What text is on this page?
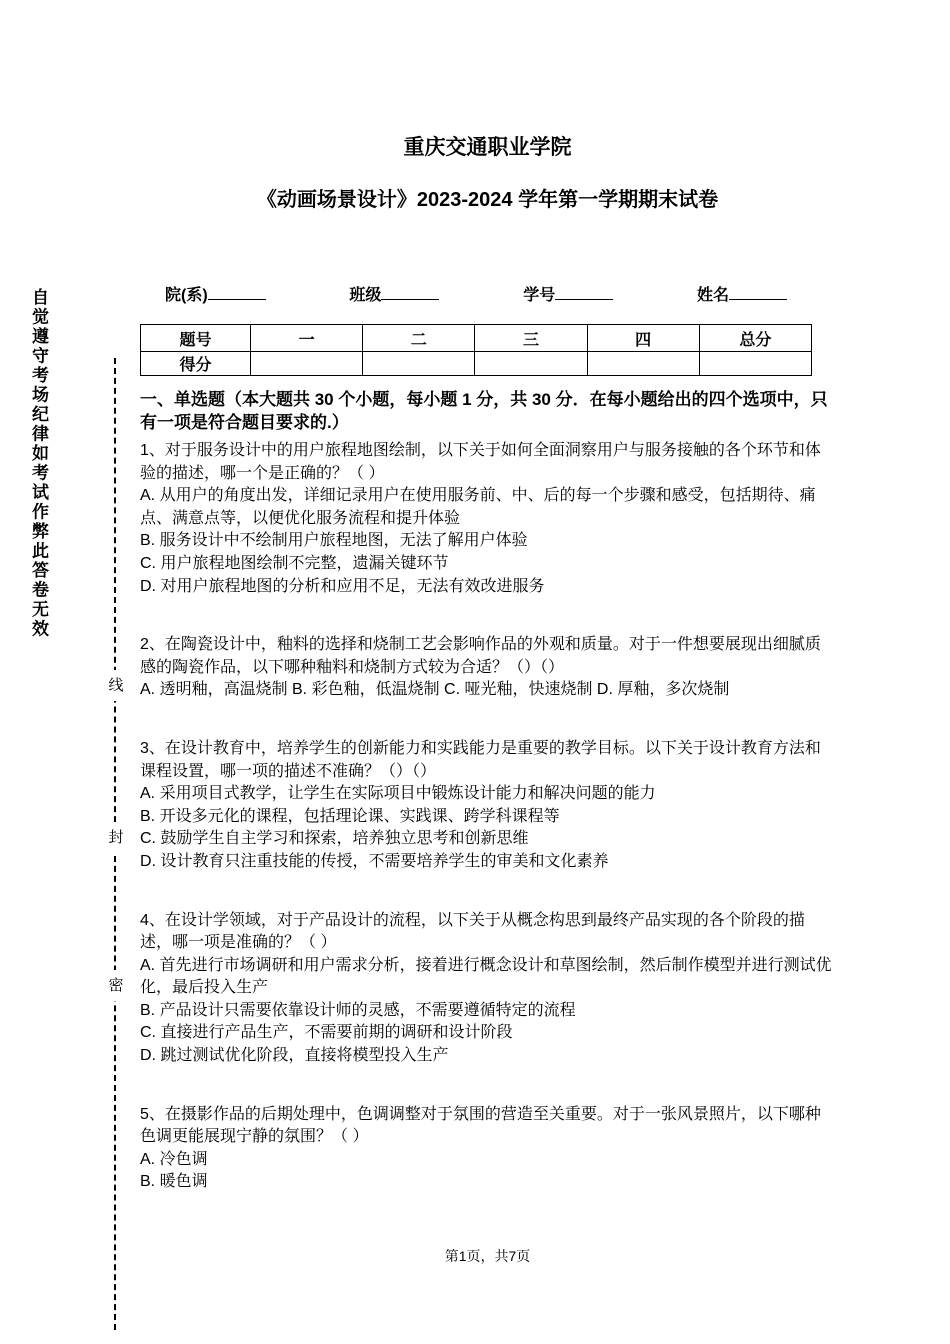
自觉遵守考场纪律如考试作弊此答卷无效
线
封
密
重庆交通职业学院
《动画场景设计》2023-2024 学年第一学期期末试卷
院(系)	班级	学号	姓名
题号	一	二	三	四	总分
得分					
一、单选题（本大题共 30 个小题，每小题 1 分，共 30 分．在每小题给出的四个选项中，只有一项是符合题目要求的.）

1、对于服务设计中的用户旅程地图绘制，以下关于如何全面洞察用户与服务接触的各个环节和体验的描述，哪一个是正确的？（ ）

A. 从用户的角度出发，详细记录用户在使用服务前、中、后的每一个步骤和感受，包括期待、痛点、满意点等，以便优化服务流程和提升体验

B. 服务设计中不绘制用户旅程地图，无法了解用户体验

C. 用户旅程地图绘制不完整，遗漏关键环节

D. 对用户旅程地图的分析和应用不足，无法有效改进服务

2、在陶瓷设计中，釉料的选择和烧制工艺会影响作品的外观和质量。对于一件想要展现出细腻质感的陶瓷作品，以下哪种釉料和烧制方式较为合适？（）（）

A. 透明釉，高温烧制 B. 彩色釉，低温烧制 C. 哑光釉，快速烧制 D. 厚釉，多次烧制

3、在设计教育中，培养学生的创新能力和实践能力是重要的教学目标。以下关于设计教育方法和课程设置，哪一项的描述不准确？（）（）

A. 采用项目式教学，让学生在实际项目中锻炼设计能力和解决问题的能力

B. 开设多元化的课程，包括理论课、实践课、跨学科课程等

C. 鼓励学生自主学习和探索，培养独立思考和创新思维

D. 设计教育只注重技能的传授，不需要培养学生的审美和文化素养

4、在设计学领域，对于产品设计的流程，以下关于从概念构思到最终产品实现的各个阶段的描述，哪一项是准确的？（ ）

A. 首先进行市场调研和用户需求分析，接着进行概念设计和草图绘制，然后制作模型并进行测试优化，最后投入生产

B. 产品设计只需要依靠设计师的灵感，不需要遵循特定的流程

C. 直接进行产品生产，不需要前期的调研和设计阶段

D. 跳过测试优化阶段，直接将模型投入生产

5、在摄影作品的后期处理中，色调调整对于氛围的营造至关重要。对于一张风景照片，以下哪种色调更能展现宁静的氛围？（ ）

A. 冷色调

B. 暖色调

第1页，共7页
